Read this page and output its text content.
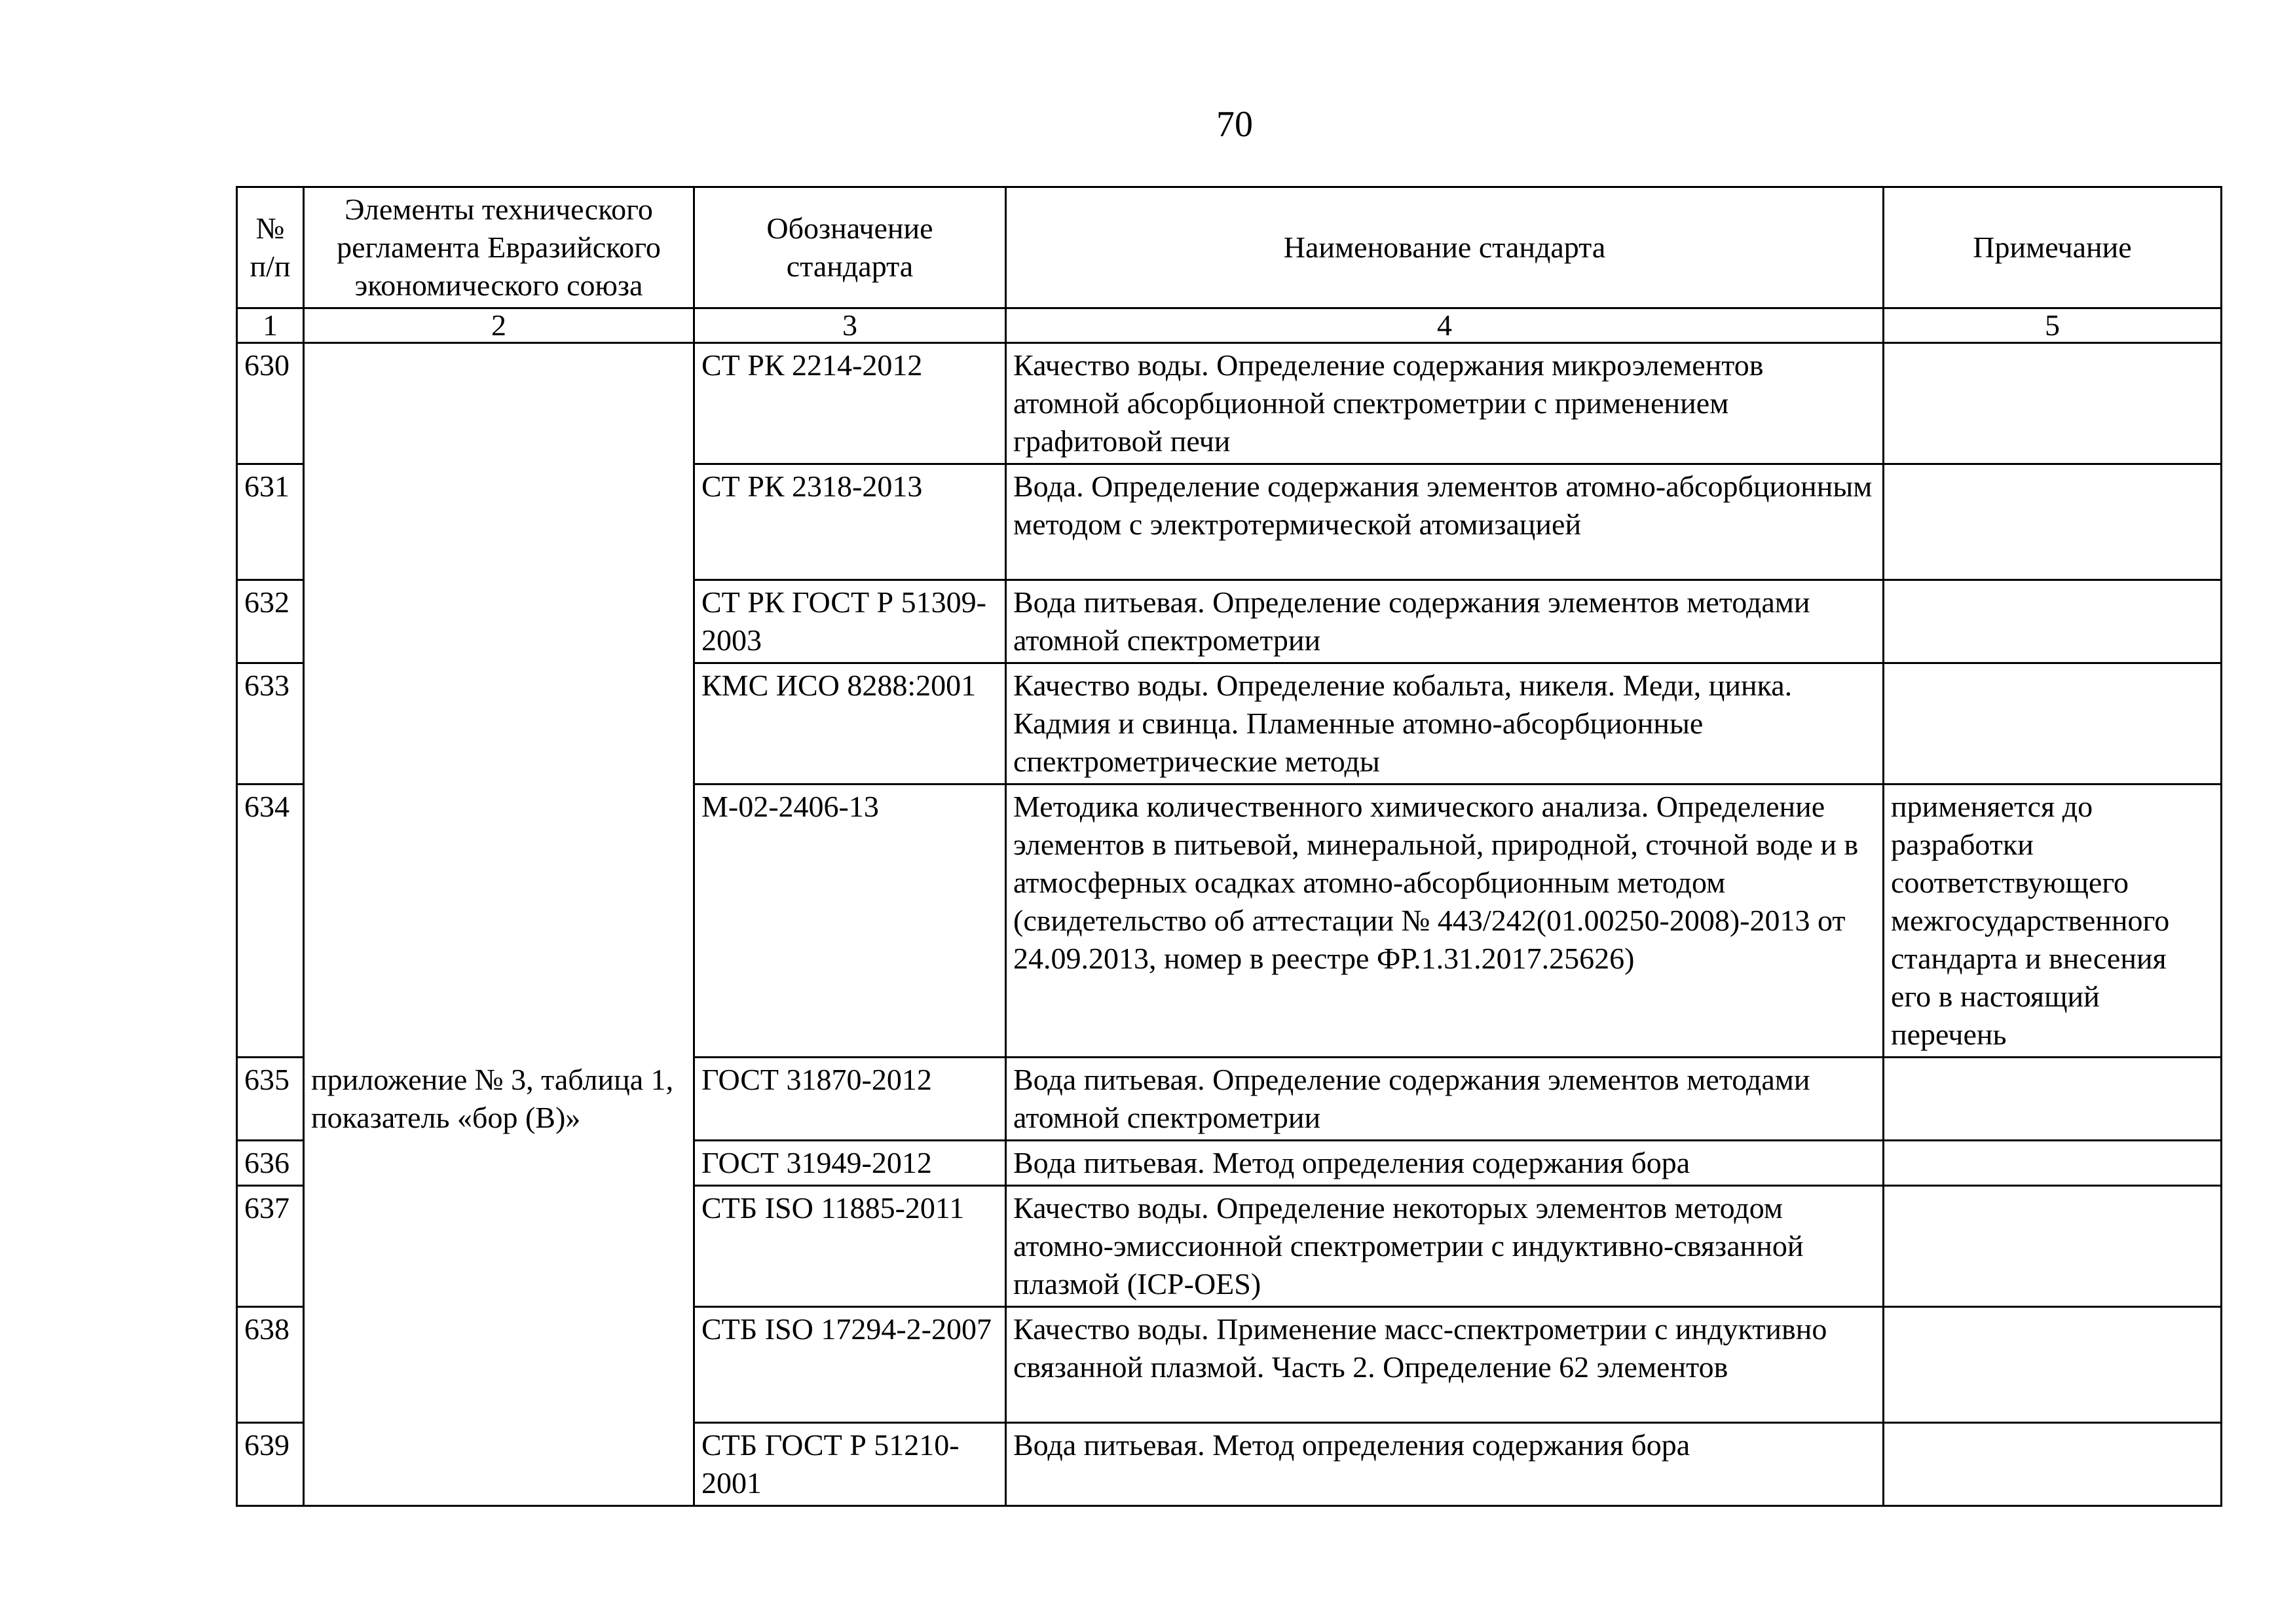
70
№ п/п	Элементы технического регламента Евразийского экономического союза	Обозначение стандарта	Наименование стандарта	Примечание
1	2	3	4	5
630	приложение № 3, таблица 1, показатель «бор (B)»	СТ РК 2214-2012	Качество воды. Определение содержания микроэлементов атомной абсорбционной спектрометрии с применением графитовой печи	
631		СТ РК 2318-2013	Вода. Определение содержания элементов атомно-абсорбционным методом с электротермической атомизацией	
632		СТ РК ГОСТ Р 51309-2003	Вода питьевая. Определение содержания элементов методами атомной спектрометрии	
633		КМС ИСО 8288:2001	Качество воды. Определение кобальта, никеля. Меди, цинка. Кадмия и свинца. Пламенные атомно-абсорбционные спектрометрические методы	
634		М-02-2406-13	Методика количественного химического анализа. Определение элементов в питьевой, минеральной, природной, сточной воде и в атмосферных осадках атомно-абсорбционным методом (свидетельство об аттестации № 443/242(01.00250-2008)-2013 от 24.09.2013, номер в реестре ФР.1.31.2017.25626)	применяется до разработки соответствующего межгосударственного стандарта и внесения его в настоящий перечень
635		ГОСТ 31870-2012	Вода питьевая. Определение содержания элементов методами атомной спектрометрии	
636		ГОСТ 31949-2012	Вода питьевая. Метод определения содержания бора	
637		СТБ ISO 11885-2011	Качество воды. Определение некоторых элементов методом атомно-эмиссионной спектрометрии с индуктивно-связанной плазмой (ICP-OES)	
638		СТБ ISO 17294-2-2007	Качество воды. Применение масс-спектрометрии с индуктивно связанной плазмой. Часть 2. Определение 62 элементов	
639		СТБ ГОСТ Р 51210-2001	Вода питьевая. Метод определения содержания бора	
